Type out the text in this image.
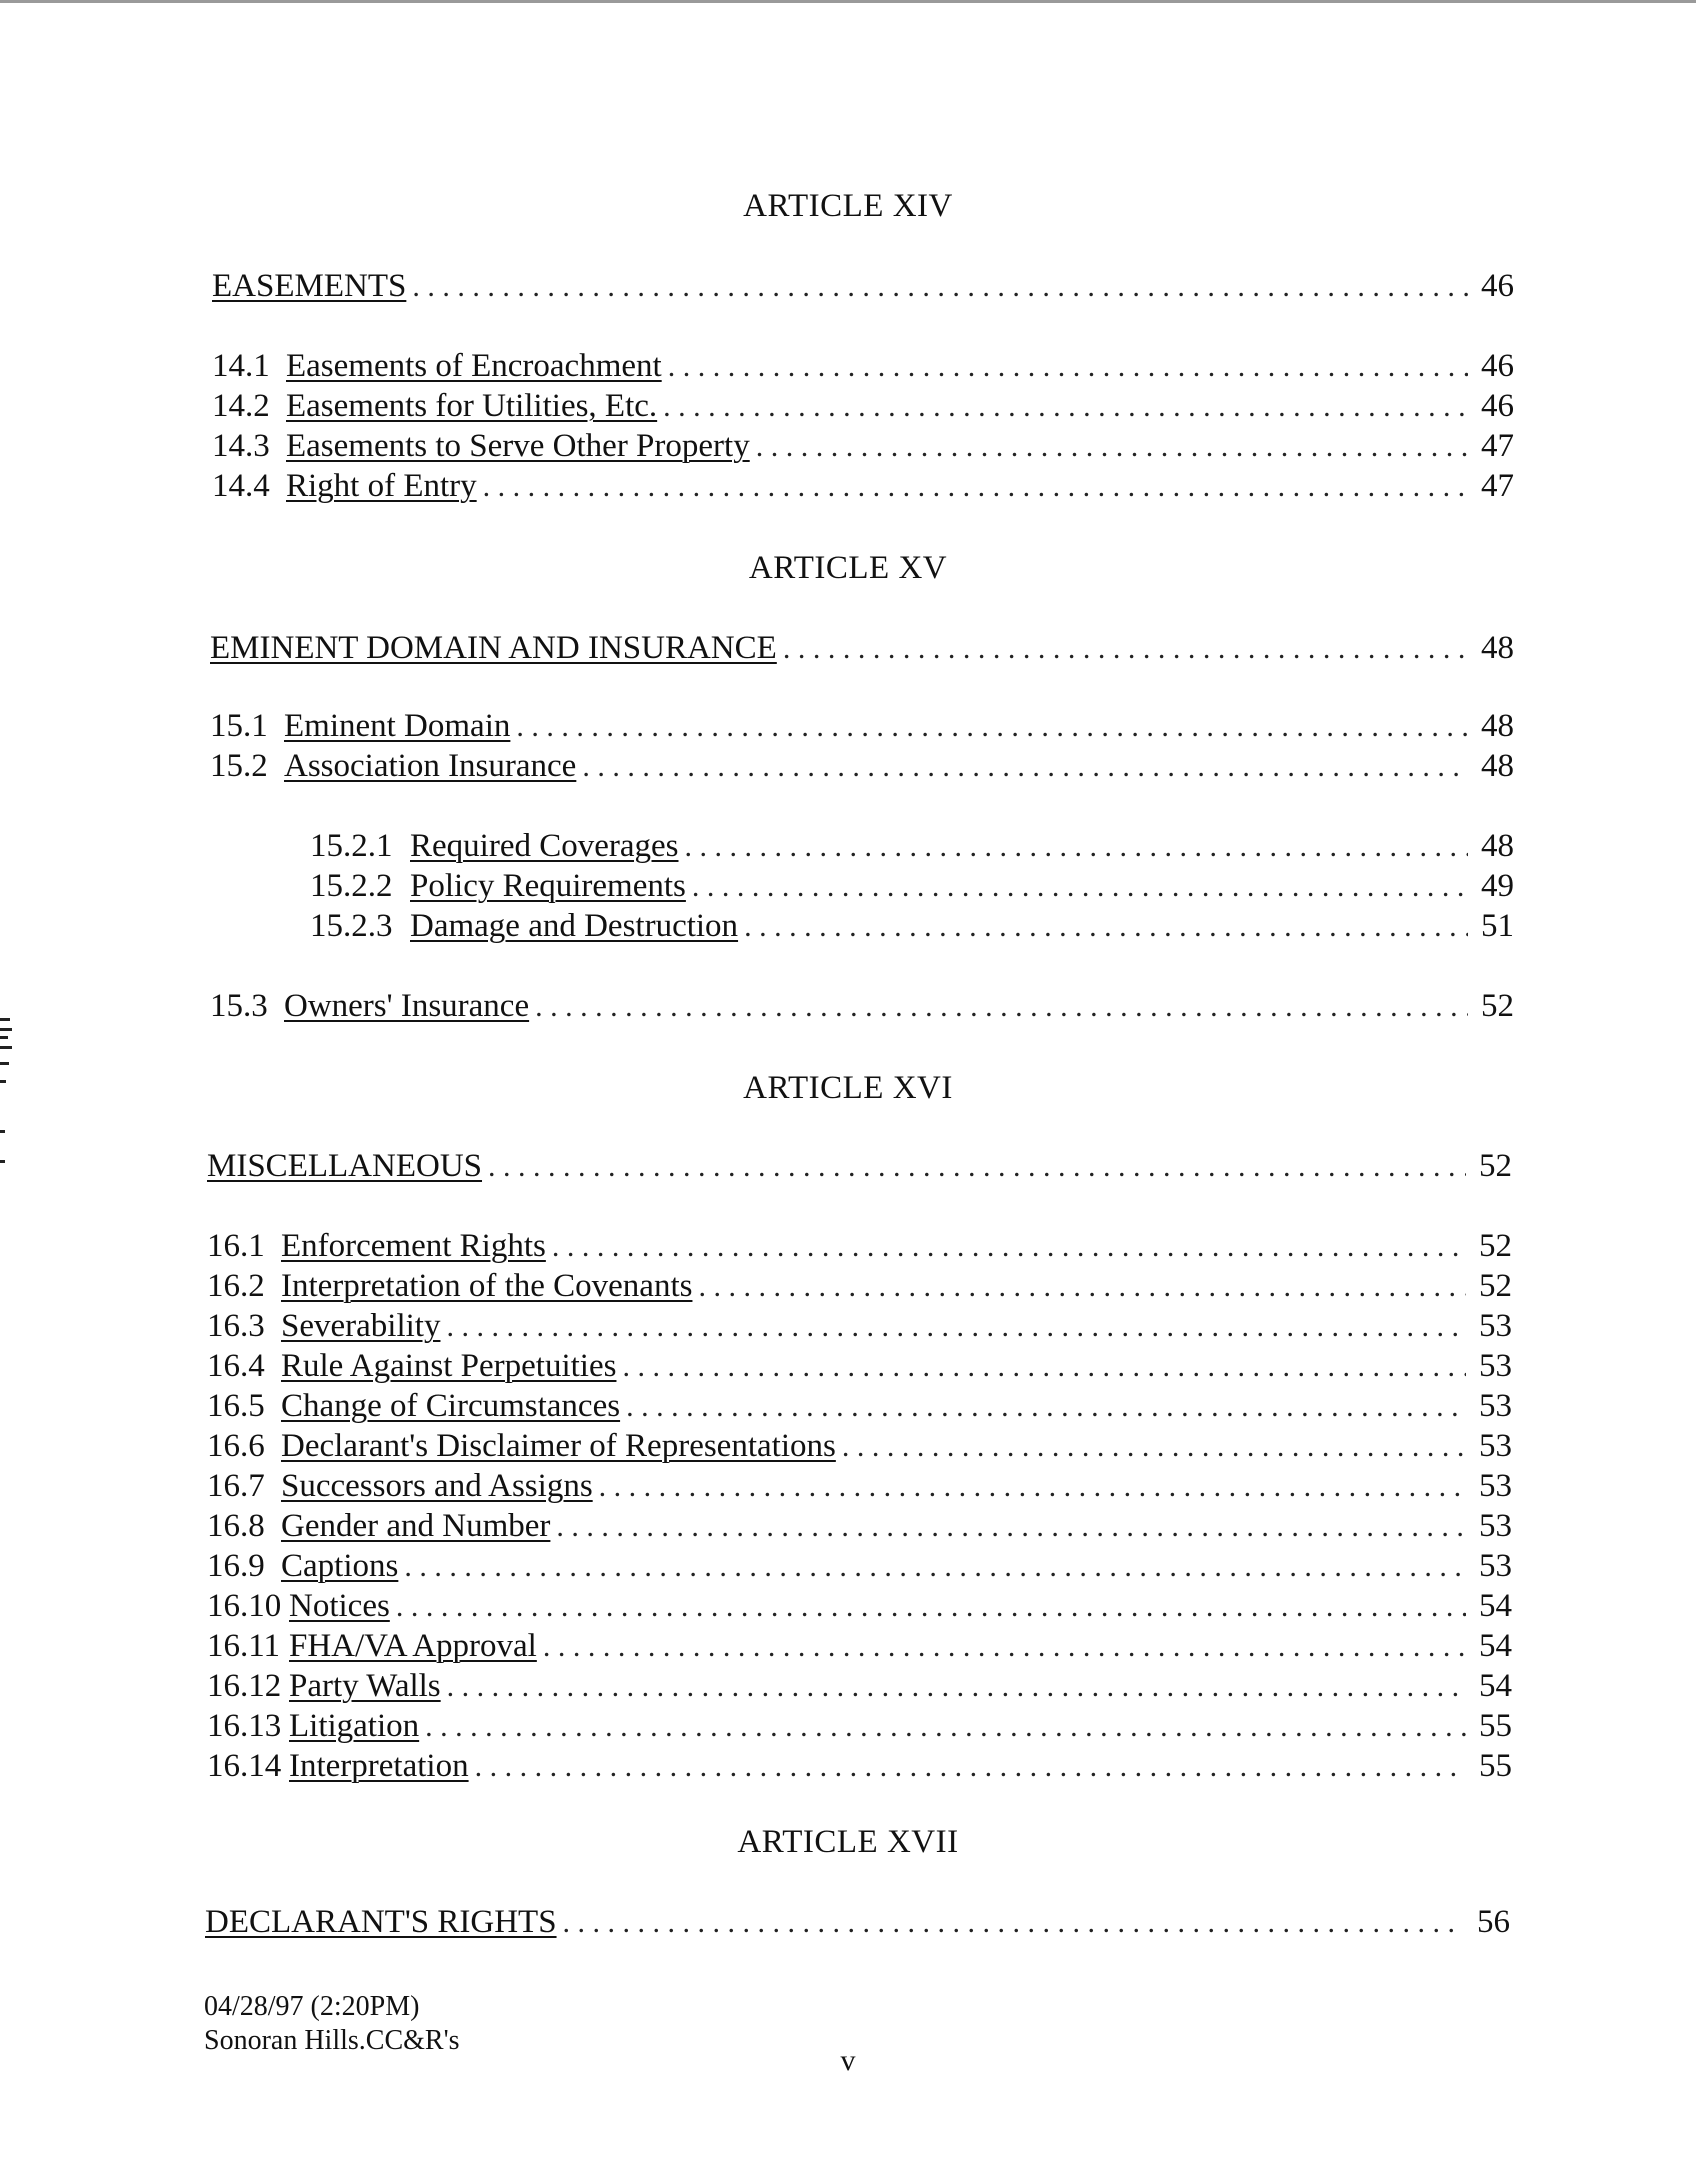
ARTICLE XIV
EASEMENTS . . .	46
14.1 Easements of Encroachment . . .	46
14.2 Easements for Utilities, Etc. . . .	46
14.3 Easements to Serve Other Property . . .	47
14.4 Right of Entry . . .	47
ARTICLE XV
EMINENT DOMAIN AND INSURANCE . . .	48
15.1 Eminent Domain . . .	48
15.2 Association Insurance . . .	48
15.2.1 Required Coverages . . .	48
15.2.2 Policy Requirements . . .	49
15.2.3 Damage and Destruction . . .	51
15.3 Owners' Insurance . . .	52
ARTICLE XVI
MISCELLANEOUS . . .	52
16.1 Enforcement Rights . . .	52
16.2 Interpretation of the Covenants . . .	52
16.3 Severability . . .	53
16.4 Rule Against Perpetuities . . .	53
16.5 Change of Circumstances . . .	53
16.6 Declarant's Disclaimer of Representations . . .	53
16.7 Successors and Assigns . . .	53
16.8 Gender and Number . . .	53
16.9 Captions . . .	53
16.10 Notices . . .	54
16.11 FHA/VA Approval . . .	54
16.12 Party Walls . . .	54
16.13 Litigation . . .	55
16.14 Interpretation . . .	55
ARTICLE XVII
DECLARANT'S RIGHTS . . .	56
04/28/97 (2:20PM)
Sonoran Hills.CC&R's
v
